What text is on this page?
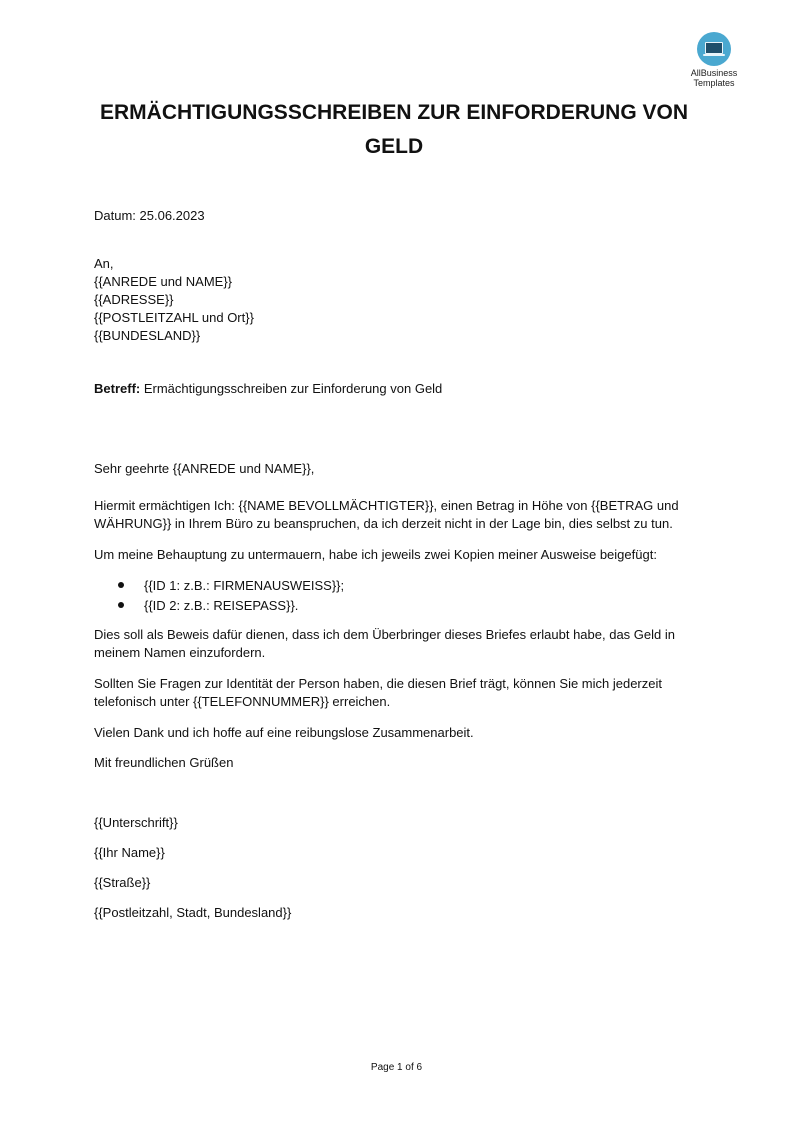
AllBusiness
Templates
ERMÄCHTIGUNGSSCHREIBEN ZUR EINFORDERUNG VON
GELD
Datum: 25.06.2023
An,
{{ANREDE und NAME}}
{{ADRESSE}}
{{POSTLEITZAHL und Ort}}
{{BUNDESLAND}}
Betreff: Ermächtigungsschreiben zur Einforderung von Geld
Sehr geehrte {{ANREDE und NAME}},
Hiermit ermächtigen Ich: {{NAME BEVOLLMÄCHTIGTER}}, einen Betrag in Höhe von {{BETRAG und
WÄHRUNG}} in Ihrem Büro zu beanspruchen, da ich derzeit nicht in der Lage bin, dies selbst zu tun.
Um meine Behauptung zu untermauern, habe ich jeweils zwei Kopien meiner Ausweise beigefügt:
{{ID 1: z.B.: FIRMENAUSWEISS}};
{{ID 2: z.B.: REISEPASS}}.
Dies soll als Beweis dafür dienen, dass ich dem Überbringer dieses Briefes erlaubt habe, das Geld in
meinem Namen einzufordern.
Sollten Sie Fragen zur Identität der Person haben, die diesen Brief trägt, können Sie mich jederzeit
telefonisch unter {{TELEFONNUMMER}} erreichen.
Vielen Dank und ich hoffe auf eine reibungslose Zusammenarbeit.
Mit freundlichen Grüßen
{{Unterschrift}}
{{Ihr Name}}
{{Straße}}
{{Postleitzahl, Stadt, Bundesland}}
Page 1 of 6
